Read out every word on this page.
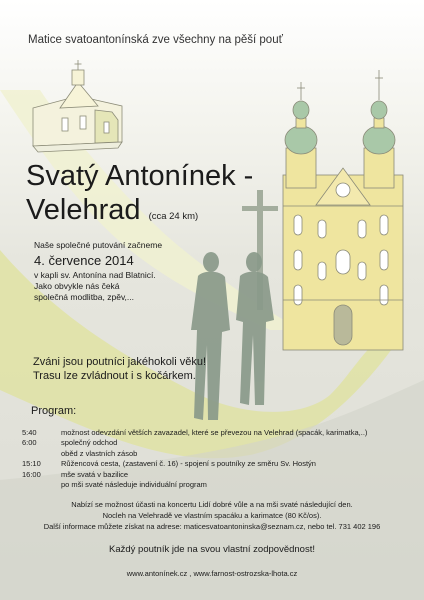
Matice svatoantonínská zve všechny na pěší pouť

Svatý Antonínek -
Velehrad (cca 24 km)

Naše společné putování začneme

4. července 2014

v kapli sv. Antonína nad Blatnicí.
Jako obvykle nás čeká
společná modlitba, zpěv,...
Zváni jsou poutníci jakéhokoli věku!
Trasu lze zvládnout i s kočárkem.

Program:

5:40	možnost odevzdání větších zavazadel, které se převezou na Velehrad (spacák, karimatka,..)
6:00	společný odchod
	oběd z vlastních zásob
15:10	Růžencová cesta, (zastavení č. 16) - spojení s poutníky ze směru Sv. Hostýn
16:00	mše svatá v bazilice
	po mši svaté následuje individuální program
Nabízí se možnost účasti na koncertu Lidí dobré vůle a na mši svaté následující den.
Nocleh na Velehradě ve vlastním spacáku a karimatce (80 Kč/os).
Další informace můžete získat na adrese: maticesvatoantoninska@seznam.cz, nebo tel. 731 402 196

Každý poutník jde na svou vlastní zodpovědnost!

www.antonínek.cz , www.farnost-ostrozska-lhota.cz
